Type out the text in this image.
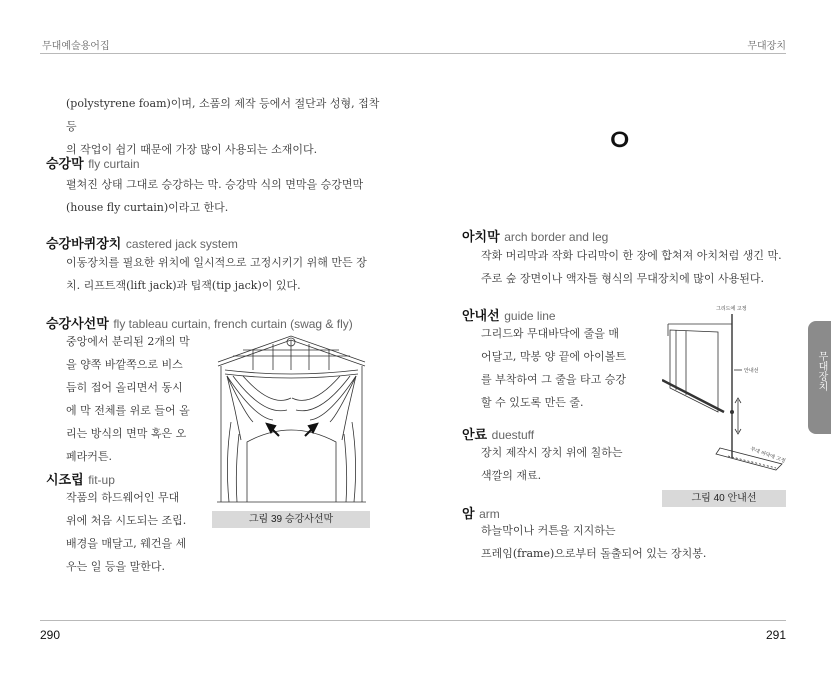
무대예술용어집	무대장치
(polystyrene foam)이며, 소품의 제작 등에서 절단과 성형, 접착 등
의 작업이 쉽기 때문에 가장 많이 사용되는 소재이다.
승강막 fly curtain
펼쳐진 상태 그대로 승강하는 막. 승강막 식의 면막을 승강면막
(house fly curtain)이라고 한다.
승강바퀴장치 castered jack system
이동장치를 필요한 위치에 일시적으로 고정시키기 위해 만든 장
치. 리프트잭(lift jack)과 팁잭(tip jack)이 있다.
승강사선막 fly tableau curtain, french curtain (swag & fly)
중앙에서 분리된 2개의 막
을 양쪽 바깥쪽으로 비스
듬히 접어 올리면서 동시
에 막 전체를 위로 들어 올
리는 방식의 면막 혹은 오
페라커튼.
시조립 fit-up
작품의 하드웨어인 무대
위에 처음 시도되는 조립.
배경을 매달고, 웨건을 세
우는 일 등을 말한다.
그림 39 승강사선막
ㅇ
아치막 arch border and leg
작화 머리막과 작화 다리막이 한 장에 합쳐져 아치처럼 생긴 막.
주로 숲 장면이나 액자틀 형식의 무대장치에 많이 사용된다.
안내선 guide line
그리드와 무대바닥에 줄을 매
어달고, 막봉 양 끝에 아이볼트
를 부착하여 그 줄을 타고 승강
할 수 있도록 만든 줄.
안료 duestuff
장치 제작시 장치 위에 칠하는
색깔의 재료.
암 arm
하늘막이나 커튼을 지지하는
프레임(frame)으로부터 돌출되어 있는 장치봉.
그리드에 고정
안내선
무대 바닥에 고정
그림 40 안내선
무대장치
290	291
